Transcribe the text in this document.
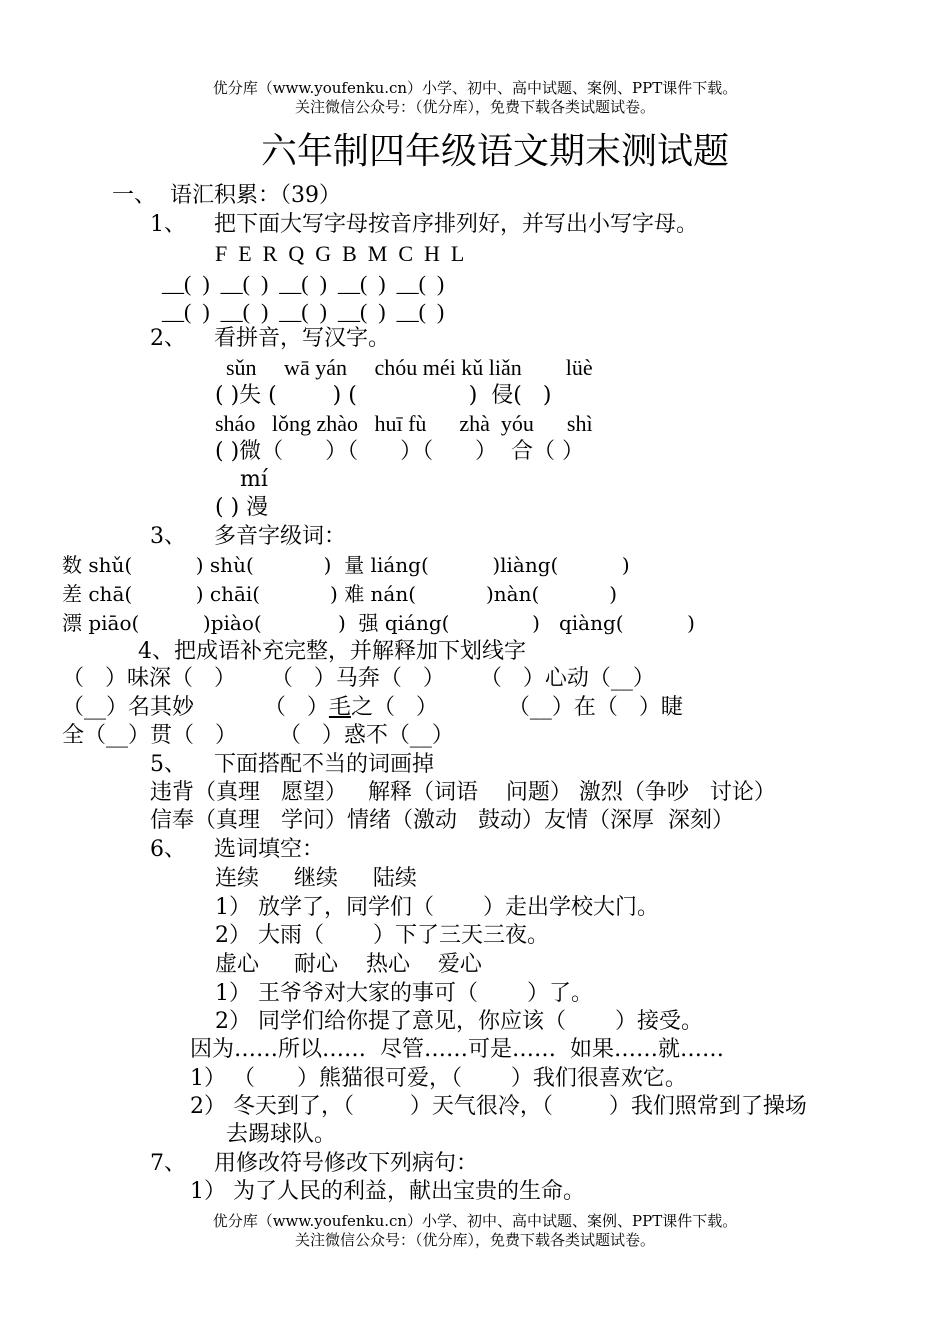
优分库（www.youfenku.cn）小学、初中、高中试题、案例、PPT课件下载。
关注微信公众号：（优分库），免费下载各类试题试卷。
六年制四年级语文期末测试题
一、  语汇积累：（39）
1、    把下面大写字母按音序排列好，并写出小写字母。
F  E  R  Q  G  B  M  C  H  L
__(  )  __(  )  __(  )  __(  )  __(  )
__(  )  __(  )  __(  )  __(  )  __(  )
2、    看拼音，写汉字。
sǔn     wā yán     chóu méi kǔ liǎn        lüè
( )失 (        ) (                )  侵(   )
sháo   lǒng zhào   huī fù      zhà  yóu      shì
( )微（      ）（      ）（      ）  合（ ）
mí
( ) 漫
3、    多音字级词：
数 shǔ(          ) shù(           )  量 liáng(          )liàng(          )
差 chā(          ) chāi(           ) 难 nán(           )nàn(           )
漂 piāo(          )piào(            )  强 qiáng(             )   qiàng(          )
4、把成语补充完整，并解释加下划线字
（   ）味深（   ）     （   ）马奔（   ）     （   ）心动（__）
（__）名其妙          （   ）毛之（   ）          （__）在（   ）睫
全（__）贯（   ）      （   ）惑不（__）
5、    下面搭配不当的词画掉
违背（真理   愿望）   解释（词语    问题） 激烈（争吵   讨论）
信奉（真理   学问）情绪（激动   鼓动）友情（深厚  深刻）
6、    选词填空：
连续     继续     陆续
1） 放学了，同学们（       ）走出学校大门。
2） 大雨（       ）下了三天三夜。
虚心     耐心    热心    爱心
1） 王爷爷对大家的事可（       ）了。
2） 同学们给你提了意见，你应该（       ）接受。
因为……所以……  尽管……可是……  如果……就……
1） （      ）熊猫很可爱，（       ）我们很喜欢它。
2） 冬天到了，（        ）天气很冷，（        ）我们照常到了操场
去踢球队。
7、    用修改符号修改下列病句：
1） 为了人民的利益，献出宝贵的生命。
优分库（www.youfenku.cn）小学、初中、高中试题、案例、PPT课件下载。
关注微信公众号：（优分库），免费下载各类试题试卷。
